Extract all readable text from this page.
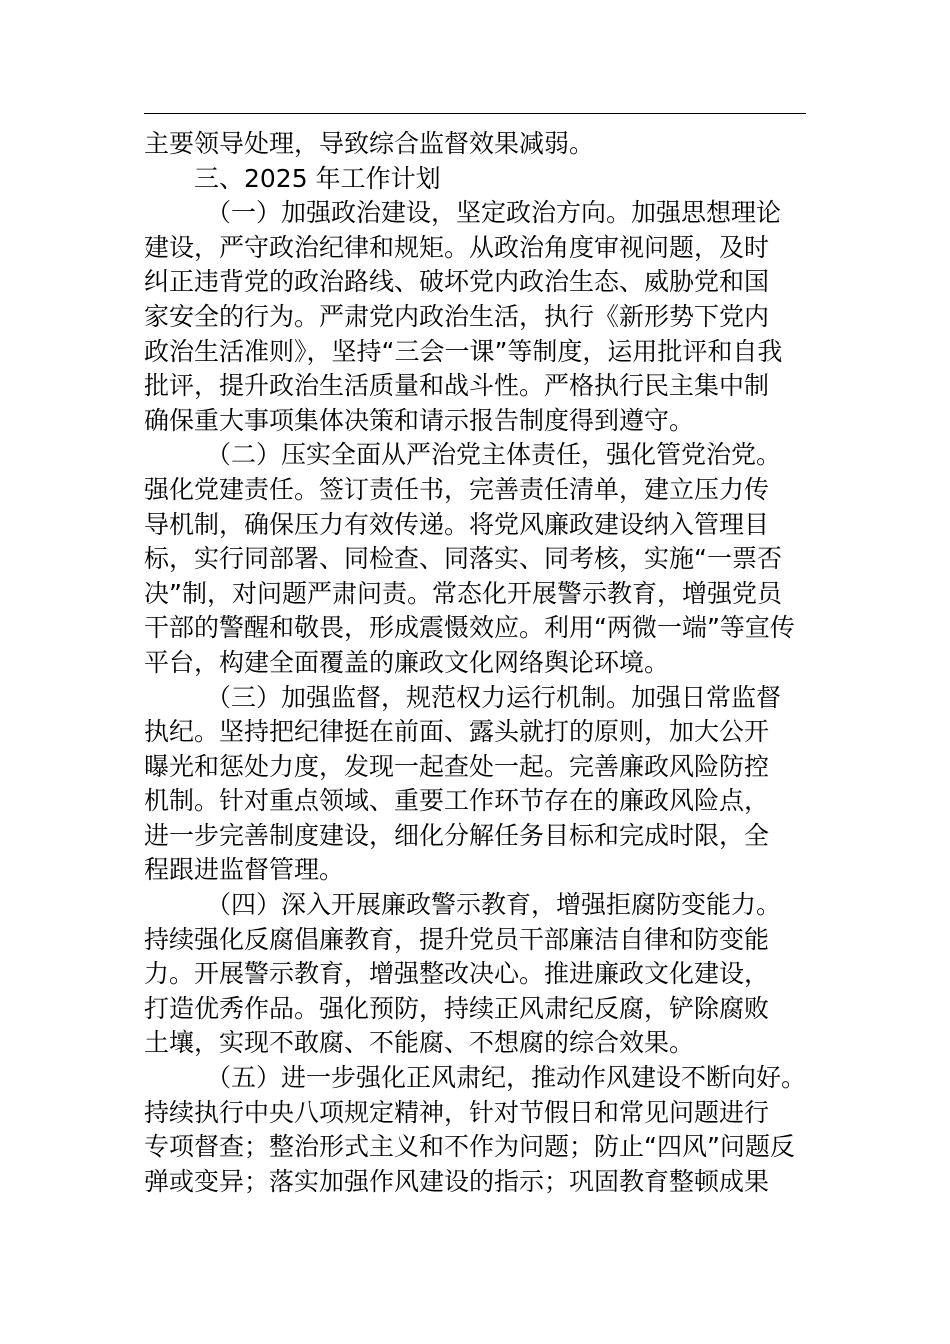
主要领导处理，导致综合监督效果减弱。
三、2025 年工作计划
（一）加强政治建设，坚定政治方向。加强思想理论
建设，严守政治纪律和规矩。从政治角度审视问题，及时
纠正违背党的政治路线、破坏党内政治生态、威胁党和国
家安全的行为。严肃党内政治生活，执行《新形势下党内
政治生活准则》，坚持“三会一课”等制度，运用批评和自我
批评，提升政治生活质量和战斗性。严格执行民主集中制
确保重大事项集体决策和请示报告制度得到遵守。
（二）压实全面从严治党主体责任，强化管党治党。
强化党建责任。签订责任书，完善责任清单，建立压力传
导机制，确保压力有效传递。将党风廉政建设纳入管理目
标，实行同部署、同检查、同落实、同考核，实施“一票否
决”制，对问题严肃问责。常态化开展警示教育，增强党员
干部的警醒和敬畏，形成震慑效应。利用“两微一端”等宣传
平台，构建全面覆盖的廉政文化网络舆论环境。
（三）加强监督，规范权力运行机制。加强日常监督
执纪。坚持把纪律挺在前面、露头就打的原则，加大公开
曝光和惩处力度，发现一起查处一起。完善廉政风险防控
机制。针对重点领域、重要工作环节存在的廉政风险点，
进一步完善制度建设，细化分解任务目标和完成时限，全
程跟进监督管理。
（四）深入开展廉政警示教育，增强拒腐防变能力。
持续强化反腐倡廉教育，提升党员干部廉洁自律和防变能
力。开展警示教育，增强整改决心。推进廉政文化建设，
打造优秀作品。强化预防，持续正风肃纪反腐，铲除腐败
土壤，实现不敢腐、不能腐、不想腐的综合效果。
（五）进一步强化正风肃纪，推动作风建设不断向好。
持续执行中央八项规定精神，针对节假日和常见问题进行
专项督查；整治形式主义和不作为问题；防止“四风”问题反
弹或变异；落实加强作风建设的指示；巩固教育整顿成果
